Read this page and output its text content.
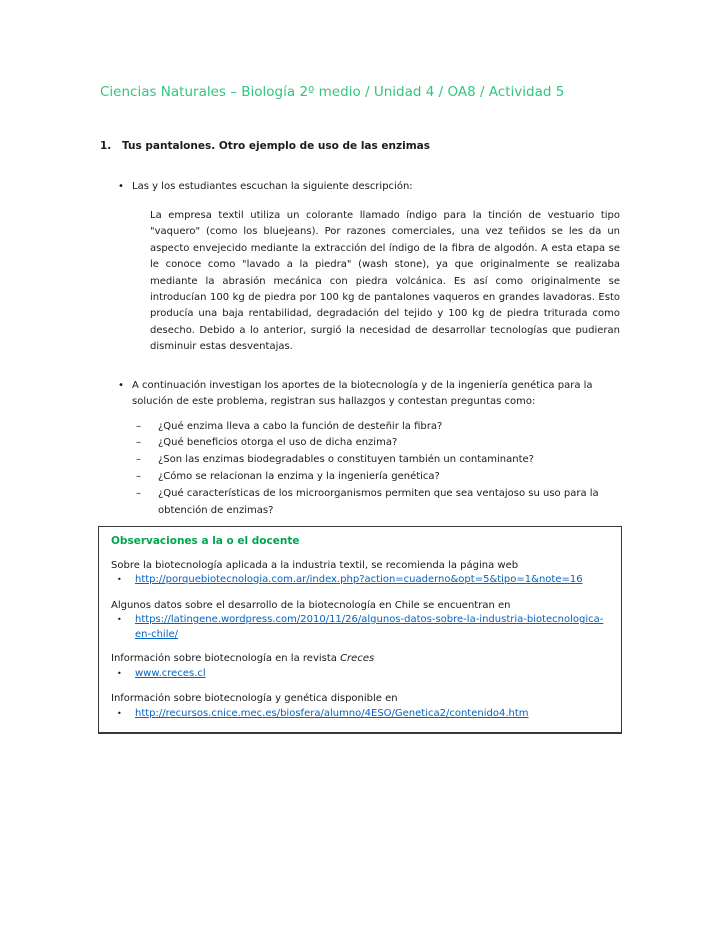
Ciencias Naturales – Biología 2º medio / Unidad 4 / OA8 / Actividad 5
1.	Tus pantalones. Otro ejemplo de uso de las enzimas
•
Las y los estudiantes escuchan la siguiente descripción:
La empresa textil utiliza un colorante llamado índigo para la tinción de vestuario tipo "vaquero" (como los bluejeans). Por razones comerciales, una vez teñidos se les da un aspecto envejecido mediante la extracción del índigo de la fibra de algodón. A esta etapa se le conoce como "lavado a la piedra" (wash stone), ya que originalmente se realizaba mediante la abrasión mecánica con piedra volcánica. Es así como originalmente se introducían 100 kg de piedra por 100 kg de pantalones vaqueros en grandes lavadoras. Esto producía una baja rentabilidad, degradación del tejido y 100 kg de piedra triturada como desecho. Debido a lo anterior, surgió la necesidad de desarrollar tecnologías que pudieran disminuir estas desventajas.
•
A continuación investigan los aportes de la biotecnología y de la ingeniería genética para la solución de este problema, registran sus hallazgos y contestan preguntas como:
–
¿Qué enzima lleva a cabo la función de desteñir la fibra?
–
¿Qué beneficios otorga el uso de dicha enzima?
–
¿Son las enzimas biodegradables o constituyen también un contaminante?
–
¿Cómo se relacionan la enzima y la ingeniería genética?
–
¿Qué características de los microorganismos permiten que sea ventajoso su uso para la obtención de enzimas?
Observaciones a la o el docente
Sobre la biotecnología aplicada a la industria textil, se recomienda la página web
•
http://porquebiotecnologia.com.ar/index.php?action=cuaderno&opt=5&tipo=1&note=16
Algunos datos sobre el desarrollo de la biotecnología en Chile se encuentran en
•
https://latingene.wordpress.com/2010/11/26/algunos-datos-sobre-la-industria-biotecnologica-en-chile/
Información sobre biotecnología en la revista Creces
•
www.creces.cl
Información sobre biotecnología y genética disponible en
•
http://recursos.cnice.mec.es/biosfera/alumno/4ESO/Genetica2/contenido4.htm
